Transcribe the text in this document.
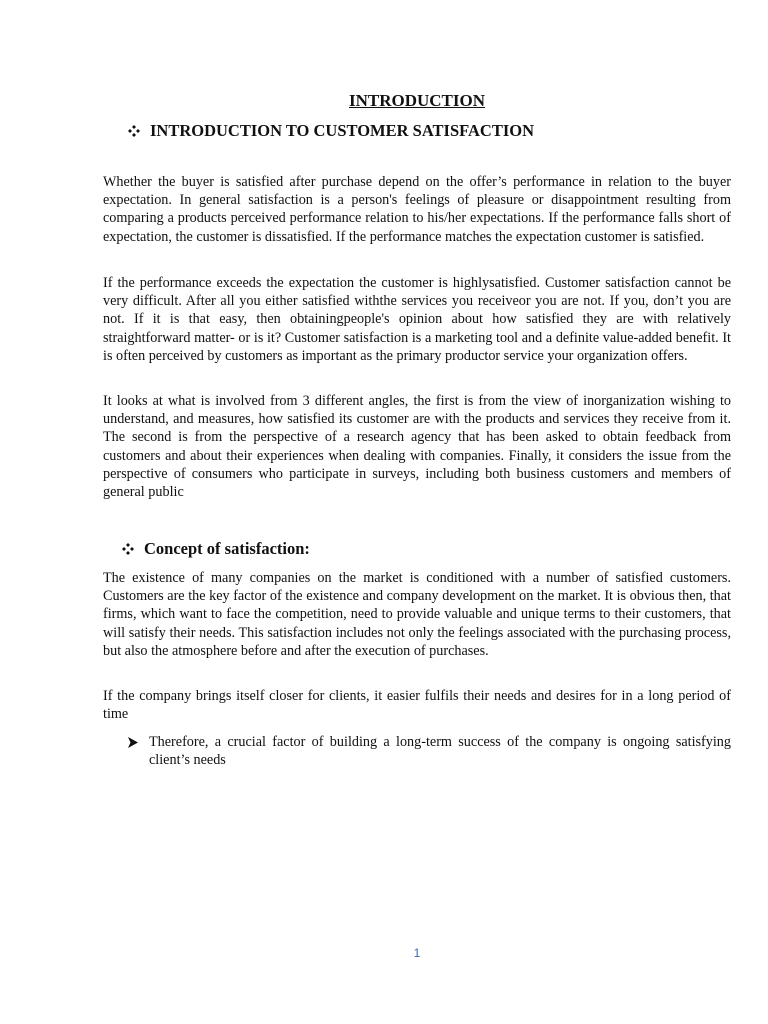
INTRODUCTION
INTRODUCTION TO CUSTOMER SATISFACTION

Whether the buyer is satisfied after purchase depend on the offer’s performance in relation to the buyer expectation. In general satisfaction is a person's feelings of pleasure or disappointment resulting from comparing a products perceived performance relation to his/her expectations. If the performance falls short of expectation, the customer is dissatisfied. If the performance matches the expectation customer is satisfied.

If the performance exceeds the expectation the customer is highlysatisfied. Customer satisfaction cannot be very difficult. After all you either satisfied withthe services you receiveor you are not. If you, don’t you are not. If it is that easy, then obtainingpeople's opinion about how satisfied they are with relatively straightforward matter- or is it? Customer satisfaction is a marketing tool and a definite value-added benefit. It is often perceived by customers as important as the primary productor service your organization offers.

It looks at what is involved from 3 different angles, the first is from the view of inorganization wishing to understand, and measures, how satisfied its customer are with the products and services they receive from it. The second is from the perspective of a research agency that has been asked to obtain feedback from customers and about their experiences when dealing with companies. Finally, it considers the issue from the perspective of consumers who participate in surveys, including both business customers and members of general public

Concept of satisfaction:

The existence of many companies on the market is conditioned with a number of satisfied customers. Customers are the key factor of the existence and company development on the market. It is obvious then, that firms, which want to face the competition, need to provide valuable and unique terms to their customers, that will satisfy their needs. This satisfaction includes not only the feelings associated with the purchasing process, but also the atmosphere before and after the execution of purchases.

If the company brings itself closer for clients, it easier fulfils their needs and desires for in a long period of time

Therefore, a crucial factor of building a long-term success of the company is ongoing satisfying client’s needs

1
